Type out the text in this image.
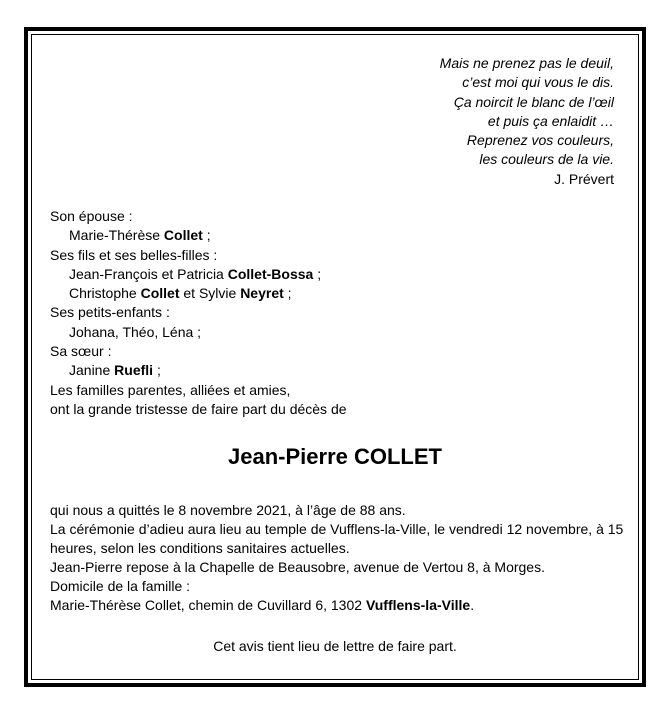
Mais ne prenez pas le deuil,
c’est moi qui vous le dis.
Ça noircit le blanc de l’œil
et puis ça enlaidit …
Reprenez vos couleurs,
les couleurs de la vie.
J. Prévert
Son épouse :
Marie-Thérèse Collet ;
Ses fils et ses belles-filles :
Jean-François et Patricia Collet-Bossa ;
Christophe Collet et Sylvie Neyret ;
Ses petits-enfants :
Johana, Théo, Léna ;
Sa sœur :
Janine Ruefli ;
Les familles parentes, alliées et amies,
ont la grande tristesse de faire part du décès de
Jean-Pierre COLLET
qui nous a quittés le 8 novembre 2021, à l’âge de 88 ans.
La cérémonie d’adieu aura lieu au temple de Vufflens-la-Ville, le vendredi 12 novembre, à 15 heures, selon les conditions sanitaires actuelles.
Jean-Pierre repose à la Chapelle de Beausobre, avenue de Vertou 8, à Morges.
Domicile de la famille :
Marie-Thérèse Collet, chemin de Cuvillard 6, 1302 Vufflens-la-Ville.
Cet avis tient lieu de lettre de faire part.
